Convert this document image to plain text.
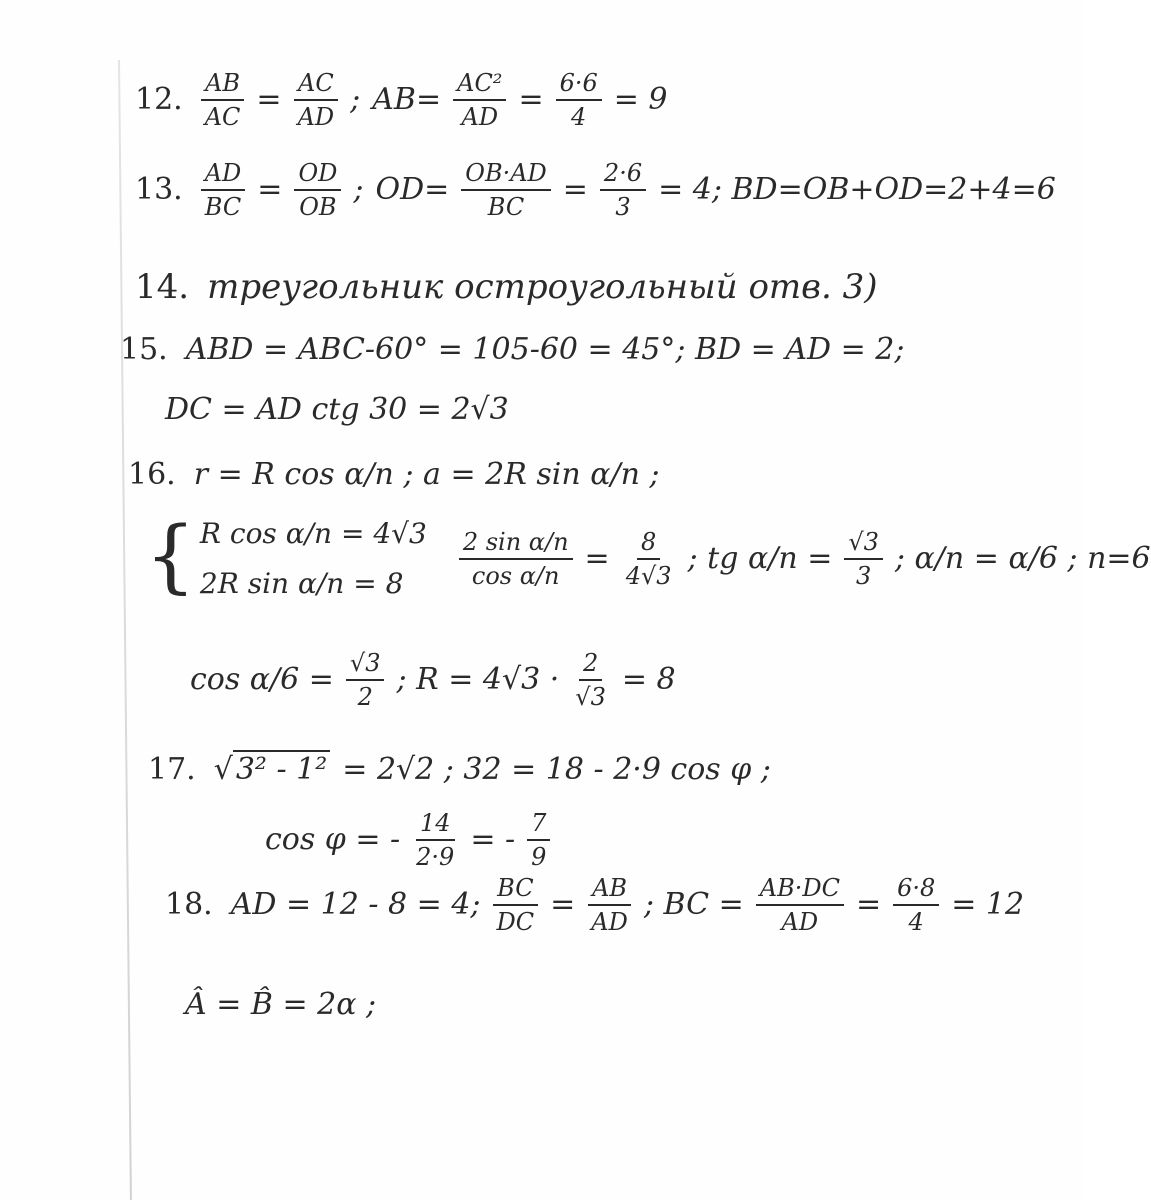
12. $\frac{AB}{AC} = \frac{AC}{AD}$ ; $AB= \frac{\text{AC²}}{AD} = \frac{6\cdot 6}{4} = 9$
13. $\frac{AD}{BC} = \frac{OD}{OB}$ ; $OD= \frac{OB\cdot AD}{BC} = \frac{2\cdot 6}{3} = 4$; BD=OB+OD=2+4=6
14. треугольник остроугольный отв. 3)
15. ABD = ABC-60° = 105-60 = 45°; BD = AD = 2;
DC = AD ctg 30 = 2√3
16. r = R cos α/n ; a = 2R sin α/n ;
{ R cos α/n = 4√3
2R sin α/n = 8	$\frac{\text{2 sin α/n}}{\text{cos α/n}} = \frac{8}{4√3}$ ; tg $\alpha/n = \frac{√3}{3}$ ; α/n = α/6 ; n=6
$\cos \alpha/6 = \frac{√3}{2}$ ; $R = 4√3 \cdot \frac{2}{√3} = 8$
17. √ 3² - 1² = 2√2 ; 32 = 18 - 2·9 cos φ ;
cos φ = - $\frac{14}{2\cdot 9}$ = - $\frac{7}{9}$
18. AD = 12 - 8 = 4; $\frac{BC}{DC} = \frac{AB}{AD}$ ; BC = $\frac{AB\cdot DC}{AD} = \frac{6\cdot 8}{4} = 12$
Â = B̂ = 2α ;
